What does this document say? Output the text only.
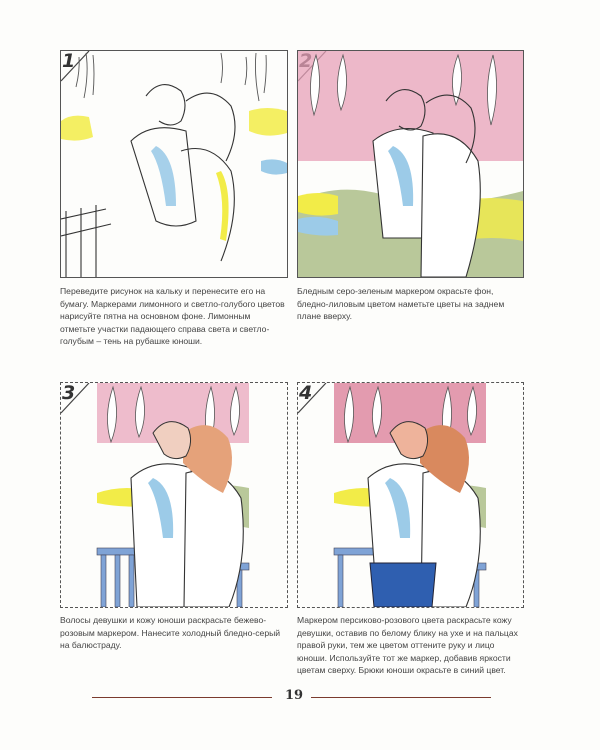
1
Переведите рисунок на кальку и перенесите его на бумагу. Маркерами лимонного и светло-голубого цветов нарисуйте пятна на основном фоне. Лимонным отметьте участки падающего справа света и светло-голубым – тень на рубашке юноши.
Бледным серо-зеленым маркером окрасьте фон, бледно-лиловым цветом наметьте цветы на заднем плане вверху.
3
Волосы девушки и кожу юноши раскрасьте бежево-розовым маркером. Нанесите холодный бледно-серый на балюстраду.
4
Маркером персиково-розового цвета раскрасьте кожу девушки, оставив по белому блику на ухе и на пальцах правой руки, тем же цветом оттените руку и лицо юноши. Используйте тот же маркер, добавив яркости цветам сверху. Брюки юноши окрасьте в синий цвет.
19
